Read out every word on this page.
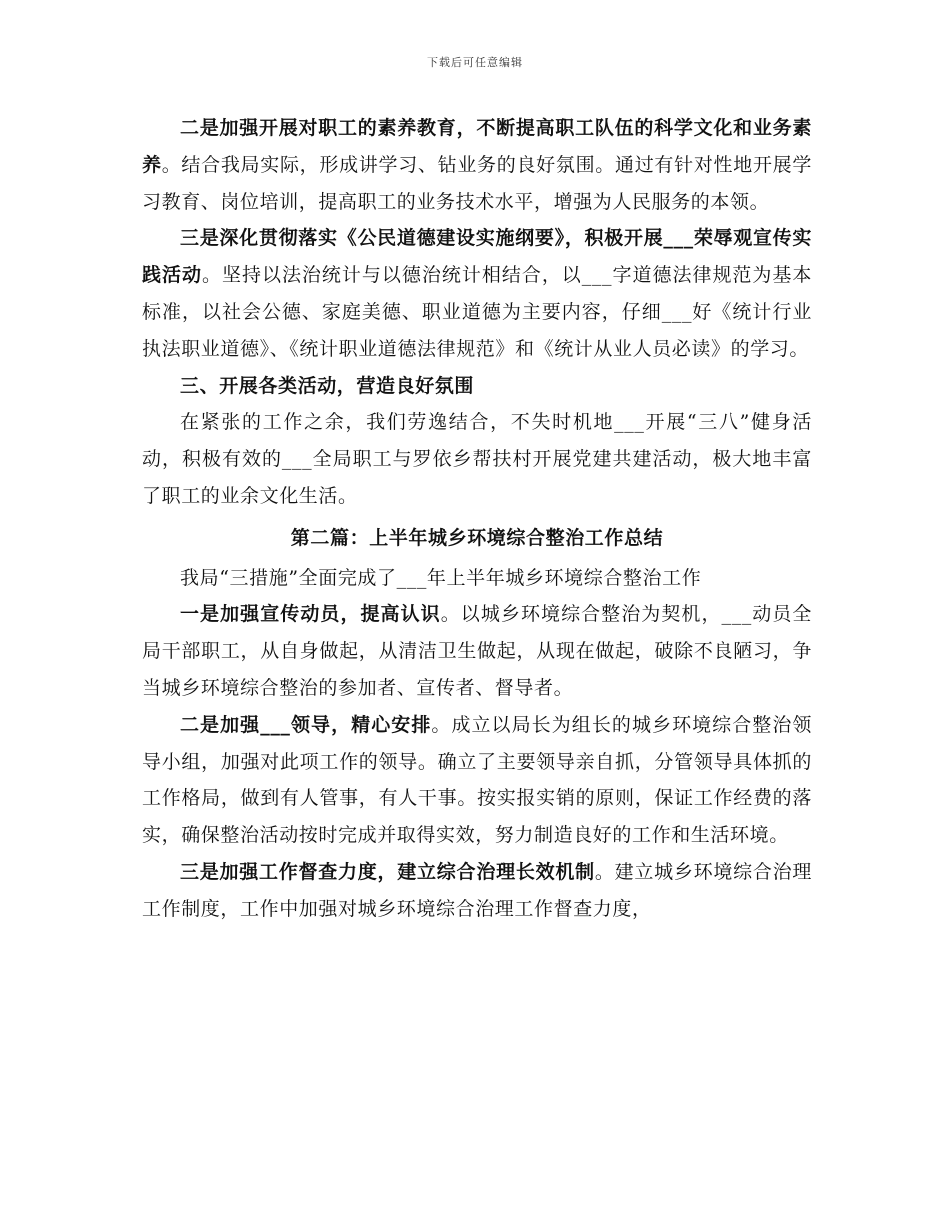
下载后可任意编辑

二是加强开展对职工的素养教育，不断提高职工队伍的科学文化和业务素养。结合我局实际，形成讲学习、钻业务的良好氛围。通过有针对性地开展学习教育、岗位培训，提高职工的业务技术水平，增强为人民服务的本领。

三是深化贯彻落实《公民道德建设实施纲要》，积极开展___荣辱观宣传实践活动。坚持以法治统计与以德治统计相结合，以___字道德法律规范为基本标准，以社会公德、家庭美德、职业道德为主要内容，仔细___好《统计行业执法职业道德》、《统计职业道德法律规范》和《统计从业人员必读》的学习。

三、开展各类活动，营造良好氛围

在紧张的工作之余，我们劳逸结合，不失时机地___开展“三八”健身活动，积极有效的___全局职工与罗依乡帮扶村开展党建共建活动，极大地丰富了职工的业余文化生活。

第二篇：上半年城乡环境综合整治工作总结

我局“三措施”全面完成了___年上半年城乡环境综合整治工作

一是加强宣传动员，提高认识。以城乡环境综合整治为契机，___动员全局干部职工，从自身做起，从清洁卫生做起，从现在做起，破除不良陋习，争当城乡环境综合整治的参加者、宣传者、督导者。

二是加强___领导，精心安排。成立以局长为组长的城乡环境综合整治领导小组，加强对此项工作的领导。确立了主要领导亲自抓，分管领导具体抓的工作格局，做到有人管事，有人干事。按实报实销的原则，保证工作经费的落实，确保整治活动按时完成并取得实效，努力制造良好的工作和生活环境。

三是加强工作督查力度，建立综合治理长效机制。建立城乡环境综合治理工作制度，工作中加强对城乡环境综合治理工作督查力度，
